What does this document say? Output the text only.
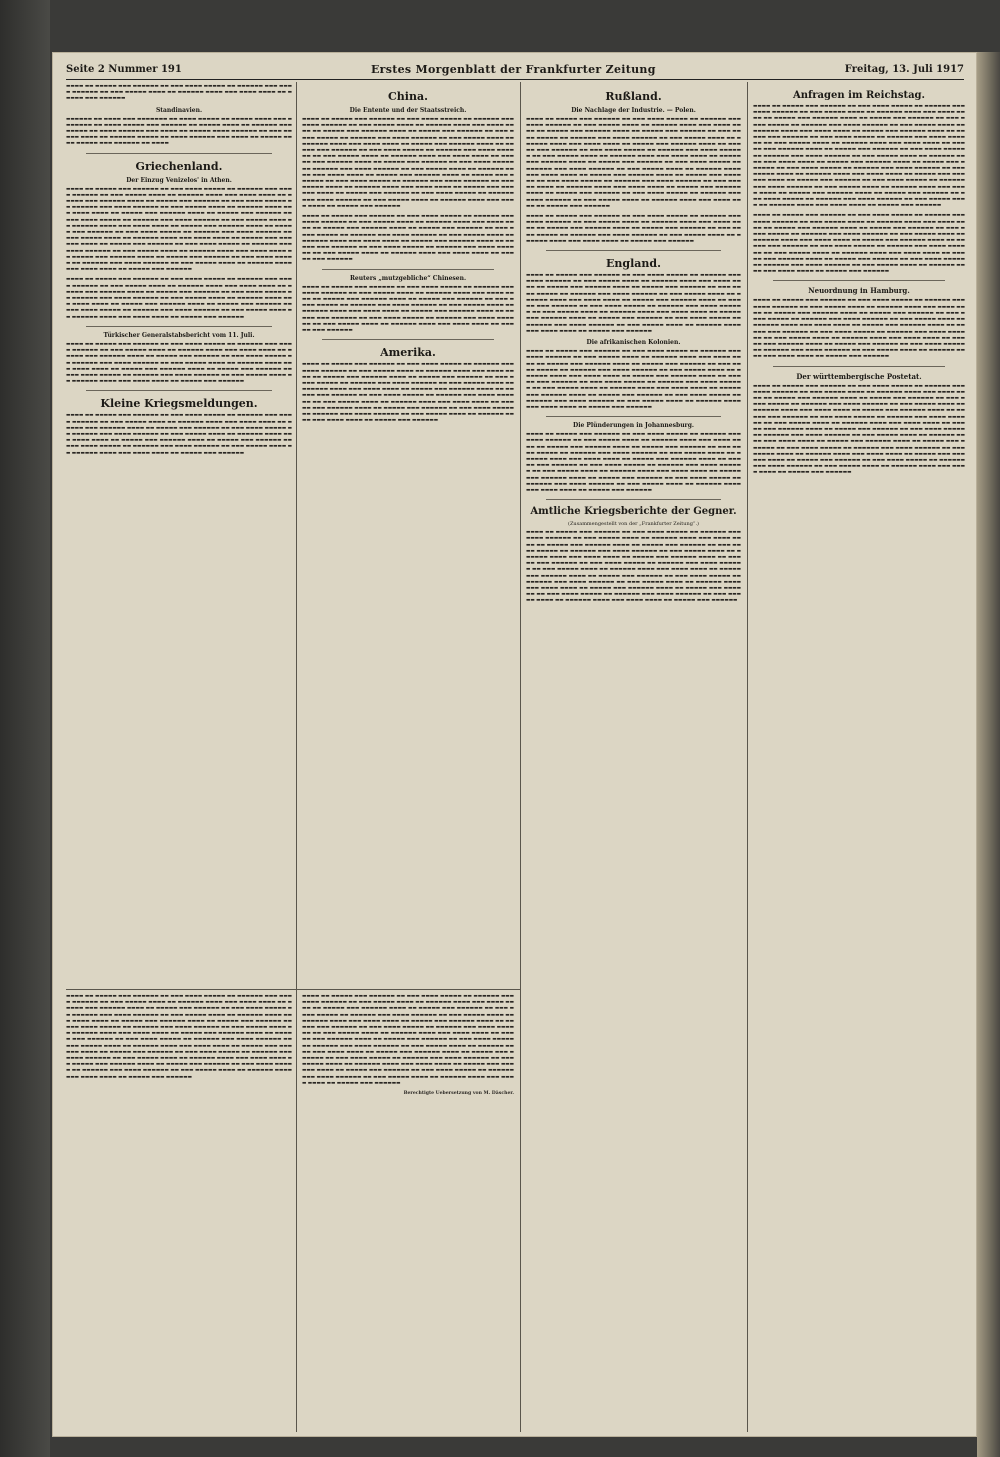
Seite 2 Nummer 191	Erstes Morgenblatt der Frankfurter Zeitung	Freitag, 13. Juli 1917
▬▬▬▬ ▬▬ ▬▬▬▬▬ ▬▬▬ ▬▬▬▬▬▬ ▬▬ ▬▬▬ ▬▬▬▬ ▬▬▬▬▬ ▬▬ ▬▬▬▬▬▬ ▬▬▬ ▬▬▬▬ ▬▬▬▬▬▬ ▬▬ ▬▬▬ ▬▬▬▬▬ ▬▬▬▬ ▬▬ ▬▬▬▬▬▬ ▬▬▬▬ ▬▬▬ ▬▬▬▬ ▬▬▬▬ ▬▬ ▬▬▬▬▬ ▬▬▬ ▬▬▬▬▬▬
Standinavien.
▬▬▬▬▬▬ ▬▬ ▬▬▬▬ ▬▬▬ ▬▬▬▬▬▬▬ ▬▬ ▬▬▬▬ ▬▬▬▬▬ ▬▬ ▬▬▬▬▬ ▬▬▬▬ ▬▬▬ ▬▬▬▬▬▬▬ ▬▬ ▬▬▬▬ ▬▬▬▬▬ ▬▬▬ ▬▬▬▬▬▬ ▬▬ ▬▬▬▬▬ ▬▬▬▬ ▬▬ ▬▬▬▬▬▬ ▬▬▬ ▬▬▬▬▬ ▬▬ ▬▬▬▬ ▬▬▬▬▬▬ ▬▬▬ ▬▬▬▬ ▬▬ ▬▬▬▬▬ ▬▬▬▬ ▬▬▬▬▬▬ ▬▬ ▬▬▬ ▬▬▬▬▬ ▬▬▬▬ ▬▬ ▬▬▬▬▬▬ ▬▬▬▬▬ ▬▬ ▬▬▬▬ ▬▬▬▬▬▬ ▬▬▬ ▬▬▬▬ ▬▬ ▬▬▬▬▬ ▬▬▬▬ ▬▬▬▬▬ ▬▬▬ ▬▬▬▬▬▬ ▬▬ ▬▬▬▬
Griechenland.
Der Einzug Venizelos' in Athen.
▬▬▬▬ ▬▬ ▬▬▬▬▬ ▬▬▬ ▬▬▬▬▬▬ ▬▬ ▬▬▬ ▬▬▬▬ ▬▬▬▬▬ ▬▬ ▬▬▬▬▬▬ ▬▬▬ ▬▬▬▬ ▬▬▬▬▬▬ ▬▬ ▬▬▬ ▬▬▬▬▬ ▬▬▬▬ ▬▬ ▬▬▬▬▬▬ ▬▬▬▬ ▬▬▬ ▬▬▬▬ ▬▬▬▬ ▬▬ ▬▬▬▬▬ ▬▬▬ ▬▬▬▬▬▬ ▬▬▬▬ ▬▬ ▬▬▬▬▬ ▬▬▬ ▬▬▬▬▬▬ ▬▬ ▬▬▬ ▬▬▬▬ ▬▬▬▬▬ ▬▬ ▬▬▬▬▬▬ ▬▬▬ ▬▬▬▬ ▬▬▬▬▬▬ ▬▬ ▬▬▬ ▬▬▬▬▬ ▬▬▬▬ ▬▬ ▬▬▬▬▬▬ ▬▬▬▬ ▬▬▬ ▬▬▬▬ ▬▬▬▬ ▬▬ ▬▬▬▬▬ ▬▬▬ ▬▬▬▬▬▬ ▬▬▬▬ ▬▬ ▬▬▬▬▬ ▬▬▬ ▬▬▬▬▬▬ ▬▬ ▬▬▬ ▬▬▬▬ ▬▬▬▬▬ ▬▬ ▬▬▬▬▬▬ ▬▬▬ ▬▬▬▬ ▬▬▬▬▬▬ ▬▬ ▬▬▬ ▬▬▬▬▬ ▬▬▬▬ ▬▬ ▬▬▬▬▬▬ ▬▬▬▬ ▬▬▬ ▬▬▬▬ ▬▬▬▬ ▬▬ ▬▬▬▬▬ ▬▬▬ ▬▬▬▬▬▬ ▬▬▬▬ ▬▬ ▬▬▬▬▬ ▬▬▬ ▬▬▬▬▬▬ ▬▬ ▬▬▬ ▬▬▬▬ ▬▬▬▬▬ ▬▬ ▬▬▬▬▬▬ ▬▬▬ ▬▬▬▬ ▬▬▬▬▬▬ ▬▬ ▬▬▬ ▬▬▬▬▬ ▬▬▬▬ ▬▬ ▬▬▬▬▬▬ ▬▬▬▬ ▬▬▬ ▬▬▬▬ ▬▬▬▬ ▬▬ ▬▬▬▬▬ ▬▬▬ ▬▬▬▬▬▬ ▬▬▬▬ ▬▬ ▬▬▬▬▬ ▬▬▬ ▬▬▬▬▬▬ ▬▬ ▬▬▬ ▬▬▬▬ ▬▬▬▬▬ ▬▬ ▬▬▬▬▬▬ ▬▬▬ ▬▬▬▬ ▬▬▬▬▬▬ ▬▬ ▬▬▬ ▬▬▬▬▬ ▬▬▬▬ ▬▬ ▬▬▬▬▬▬ ▬▬▬▬ ▬▬▬ ▬▬▬▬ ▬▬▬▬ ▬▬ ▬▬▬▬▬ ▬▬▬ ▬▬▬▬▬▬ ▬▬▬▬ ▬▬ ▬▬▬▬▬ ▬▬▬ ▬▬▬▬▬▬ ▬▬ ▬▬▬ ▬▬▬▬ ▬▬▬▬▬ ▬▬ ▬▬▬▬▬▬ ▬▬▬ ▬▬▬▬ ▬▬▬▬▬▬ ▬▬ ▬▬▬ ▬▬▬▬▬ ▬▬▬▬ ▬▬ ▬▬▬▬▬▬ ▬▬▬▬ ▬▬▬ ▬▬▬▬ ▬▬▬▬ ▬▬ ▬▬▬▬▬ ▬▬▬ ▬▬▬▬▬▬
▬▬▬▬ ▬▬ ▬▬▬▬▬ ▬▬▬ ▬▬▬▬▬▬ ▬▬ ▬▬▬ ▬▬▬▬ ▬▬▬▬▬ ▬▬ ▬▬▬▬▬▬ ▬▬▬ ▬▬▬▬ ▬▬▬▬▬▬ ▬▬ ▬▬▬ ▬▬▬▬▬ ▬▬▬▬ ▬▬ ▬▬▬▬▬▬ ▬▬▬▬ ▬▬▬ ▬▬▬▬ ▬▬▬▬ ▬▬ ▬▬▬▬▬ ▬▬▬ ▬▬▬▬▬▬ ▬▬▬▬ ▬▬ ▬▬▬▬▬ ▬▬▬ ▬▬▬▬▬▬ ▬▬ ▬▬▬ ▬▬▬▬ ▬▬▬▬▬ ▬▬ ▬▬▬▬▬▬ ▬▬▬ ▬▬▬▬ ▬▬▬▬▬▬ ▬▬ ▬▬▬ ▬▬▬▬▬ ▬▬▬▬ ▬▬ ▬▬▬▬▬▬ ▬▬▬▬ ▬▬▬ ▬▬▬▬ ▬▬▬▬ ▬▬ ▬▬▬▬▬ ▬▬▬ ▬▬▬▬▬▬ ▬▬▬▬ ▬▬ ▬▬▬▬▬ ▬▬▬ ▬▬▬▬▬▬ ▬▬ ▬▬▬ ▬▬▬▬ ▬▬▬▬▬ ▬▬ ▬▬▬▬▬▬ ▬▬▬ ▬▬▬▬ ▬▬▬▬▬▬ ▬▬ ▬▬▬ ▬▬▬▬▬ ▬▬▬▬ ▬▬ ▬▬▬▬▬▬ ▬▬▬▬ ▬▬▬ ▬▬▬▬ ▬▬▬▬ ▬▬ ▬▬▬▬▬ ▬▬▬ ▬▬▬▬▬▬
Türkischer Generalstabsbericht vom 11. Juli.
▬▬▬▬ ▬▬ ▬▬▬▬▬ ▬▬▬ ▬▬▬▬▬▬ ▬▬ ▬▬▬ ▬▬▬▬ ▬▬▬▬▬ ▬▬ ▬▬▬▬▬▬ ▬▬▬ ▬▬▬▬ ▬▬▬▬▬▬ ▬▬ ▬▬▬ ▬▬▬▬▬ ▬▬▬▬ ▬▬ ▬▬▬▬▬▬ ▬▬▬▬ ▬▬▬ ▬▬▬▬ ▬▬▬▬ ▬▬ ▬▬▬▬▬ ▬▬▬ ▬▬▬▬▬▬ ▬▬▬▬ ▬▬ ▬▬▬▬▬ ▬▬▬ ▬▬▬▬▬▬ ▬▬ ▬▬▬ ▬▬▬▬ ▬▬▬▬▬ ▬▬ ▬▬▬▬▬▬ ▬▬▬ ▬▬▬▬ ▬▬▬▬▬▬ ▬▬ ▬▬▬ ▬▬▬▬▬ ▬▬▬▬ ▬▬ ▬▬▬▬▬▬ ▬▬▬▬ ▬▬▬ ▬▬▬▬ ▬▬▬▬ ▬▬ ▬▬▬▬▬ ▬▬▬ ▬▬▬▬▬▬ ▬▬▬▬ ▬▬ ▬▬▬▬▬ ▬▬▬ ▬▬▬▬▬▬ ▬▬ ▬▬▬ ▬▬▬▬ ▬▬▬▬▬ ▬▬ ▬▬▬▬▬▬ ▬▬▬ ▬▬▬▬ ▬▬▬▬▬▬ ▬▬ ▬▬▬ ▬▬▬▬▬ ▬▬▬▬ ▬▬ ▬▬▬▬▬▬ ▬▬▬▬ ▬▬▬ ▬▬▬▬ ▬▬▬▬ ▬▬ ▬▬▬▬▬ ▬▬▬ ▬▬▬▬▬▬
Kleine Kriegsmeldungen.
▬▬▬▬ ▬▬ ▬▬▬▬▬ ▬▬▬ ▬▬▬▬▬▬ ▬▬ ▬▬▬ ▬▬▬▬ ▬▬▬▬▬ ▬▬ ▬▬▬▬▬▬ ▬▬▬ ▬▬▬▬ ▬▬▬▬▬▬ ▬▬ ▬▬▬ ▬▬▬▬▬ ▬▬▬▬ ▬▬ ▬▬▬▬▬▬ ▬▬▬▬ ▬▬▬ ▬▬▬▬ ▬▬▬▬ ▬▬ ▬▬▬▬▬ ▬▬▬ ▬▬▬▬▬▬ ▬▬▬▬ ▬▬ ▬▬▬▬▬ ▬▬▬ ▬▬▬▬▬▬ ▬▬ ▬▬▬ ▬▬▬▬ ▬▬▬▬▬ ▬▬ ▬▬▬▬▬▬ ▬▬▬ ▬▬▬▬ ▬▬▬▬▬▬ ▬▬ ▬▬▬ ▬▬▬▬▬ ▬▬▬▬ ▬▬ ▬▬▬▬▬▬ ▬▬▬▬ ▬▬▬ ▬▬▬▬ ▬▬▬▬ ▬▬ ▬▬▬▬▬ ▬▬▬ ▬▬▬▬▬▬ ▬▬▬▬ ▬▬ ▬▬▬▬▬ ▬▬▬ ▬▬▬▬▬▬ ▬▬ ▬▬▬ ▬▬▬▬ ▬▬▬▬▬ ▬▬ ▬▬▬▬▬▬ ▬▬▬ ▬▬▬▬ ▬▬▬▬▬▬ ▬▬ ▬▬▬ ▬▬▬▬▬ ▬▬▬▬ ▬▬ ▬▬▬▬▬▬ ▬▬▬▬ ▬▬▬ ▬▬▬▬ ▬▬▬▬ ▬▬ ▬▬▬▬▬ ▬▬▬ ▬▬▬▬▬▬
China.
Die Entente und der Staatsstreich.
▬▬▬▬ ▬▬ ▬▬▬▬▬ ▬▬▬ ▬▬▬▬▬▬ ▬▬ ▬▬▬ ▬▬▬▬ ▬▬▬▬▬ ▬▬ ▬▬▬▬▬▬ ▬▬▬ ▬▬▬▬ ▬▬▬▬▬▬ ▬▬ ▬▬▬ ▬▬▬▬▬ ▬▬▬▬ ▬▬ ▬▬▬▬▬▬ ▬▬▬▬ ▬▬▬ ▬▬▬▬ ▬▬▬▬ ▬▬ ▬▬▬▬▬ ▬▬▬ ▬▬▬▬▬▬ ▬▬▬▬ ▬▬ ▬▬▬▬▬ ▬▬▬ ▬▬▬▬▬▬ ▬▬ ▬▬▬ ▬▬▬▬ ▬▬▬▬▬ ▬▬ ▬▬▬▬▬▬ ▬▬▬ ▬▬▬▬ ▬▬▬▬▬▬ ▬▬ ▬▬▬ ▬▬▬▬▬ ▬▬▬▬ ▬▬ ▬▬▬▬▬▬ ▬▬▬▬ ▬▬▬ ▬▬▬▬ ▬▬▬▬ ▬▬ ▬▬▬▬▬ ▬▬▬ ▬▬▬▬▬▬ ▬▬▬▬ ▬▬ ▬▬▬▬▬ ▬▬▬ ▬▬▬▬▬▬ ▬▬ ▬▬▬ ▬▬▬▬ ▬▬▬▬▬ ▬▬ ▬▬▬▬▬▬ ▬▬▬ ▬▬▬▬ ▬▬▬▬▬▬ ▬▬ ▬▬▬ ▬▬▬▬▬ ▬▬▬▬ ▬▬ ▬▬▬▬▬▬ ▬▬▬▬ ▬▬▬ ▬▬▬▬ ▬▬▬▬ ▬▬ ▬▬▬▬▬ ▬▬▬ ▬▬▬▬▬▬ ▬▬▬▬ ▬▬ ▬▬▬▬▬ ▬▬▬ ▬▬▬▬▬▬ ▬▬ ▬▬▬ ▬▬▬▬ ▬▬▬▬▬ ▬▬ ▬▬▬▬▬▬ ▬▬▬ ▬▬▬▬ ▬▬▬▬▬▬ ▬▬ ▬▬▬ ▬▬▬▬▬ ▬▬▬▬ ▬▬ ▬▬▬▬▬▬ ▬▬▬▬ ▬▬▬ ▬▬▬▬ ▬▬▬▬ ▬▬ ▬▬▬▬▬ ▬▬▬ ▬▬▬▬▬▬ ▬▬▬▬ ▬▬ ▬▬▬▬▬ ▬▬▬ ▬▬▬▬▬▬ ▬▬ ▬▬▬ ▬▬▬▬ ▬▬▬▬▬ ▬▬ ▬▬▬▬▬▬ ▬▬▬ ▬▬▬▬ ▬▬▬▬▬▬ ▬▬ ▬▬▬ ▬▬▬▬▬ ▬▬▬▬ ▬▬ ▬▬▬▬▬▬ ▬▬▬▬ ▬▬▬ ▬▬▬▬ ▬▬▬▬ ▬▬ ▬▬▬▬▬ ▬▬▬ ▬▬▬▬▬▬ ▬▬▬▬ ▬▬ ▬▬▬▬▬ ▬▬▬ ▬▬▬▬▬▬ ▬▬ ▬▬▬ ▬▬▬▬ ▬▬▬▬▬ ▬▬ ▬▬▬▬▬▬ ▬▬▬ ▬▬▬▬ ▬▬▬▬▬▬ ▬▬ ▬▬▬ ▬▬▬▬▬ ▬▬▬▬ ▬▬ ▬▬▬▬▬▬ ▬▬▬▬ ▬▬▬ ▬▬▬▬ ▬▬▬▬ ▬▬ ▬▬▬▬▬ ▬▬▬ ▬▬▬▬▬▬
▬▬▬▬ ▬▬ ▬▬▬▬▬ ▬▬▬ ▬▬▬▬▬▬ ▬▬ ▬▬▬ ▬▬▬▬ ▬▬▬▬▬ ▬▬ ▬▬▬▬▬▬ ▬▬▬ ▬▬▬▬ ▬▬▬▬▬▬ ▬▬ ▬▬▬ ▬▬▬▬▬ ▬▬▬▬ ▬▬ ▬▬▬▬▬▬ ▬▬▬▬ ▬▬▬ ▬▬▬▬ ▬▬▬▬ ▬▬ ▬▬▬▬▬ ▬▬▬ ▬▬▬▬▬▬ ▬▬▬▬ ▬▬ ▬▬▬▬▬ ▬▬▬ ▬▬▬▬▬▬ ▬▬ ▬▬▬ ▬▬▬▬ ▬▬▬▬▬ ▬▬ ▬▬▬▬▬▬ ▬▬▬ ▬▬▬▬ ▬▬▬▬▬▬ ▬▬ ▬▬▬ ▬▬▬▬▬ ▬▬▬▬ ▬▬ ▬▬▬▬▬▬ ▬▬▬▬ ▬▬▬ ▬▬▬▬ ▬▬▬▬ ▬▬ ▬▬▬▬▬ ▬▬▬ ▬▬▬▬▬▬ ▬▬▬▬ ▬▬ ▬▬▬▬▬ ▬▬▬ ▬▬▬▬▬▬ ▬▬ ▬▬▬ ▬▬▬▬ ▬▬▬▬▬ ▬▬ ▬▬▬▬▬▬ ▬▬▬ ▬▬▬▬ ▬▬▬▬▬▬ ▬▬ ▬▬▬ ▬▬▬▬▬ ▬▬▬▬ ▬▬ ▬▬▬▬▬▬ ▬▬▬▬ ▬▬▬ ▬▬▬▬ ▬▬▬▬ ▬▬ ▬▬▬▬▬ ▬▬▬ ▬▬▬▬▬▬
Reuters „mutzgebliche“ Chinesen.
▬▬▬▬ ▬▬ ▬▬▬▬▬ ▬▬▬ ▬▬▬▬▬▬ ▬▬ ▬▬▬ ▬▬▬▬ ▬▬▬▬▬ ▬▬ ▬▬▬▬▬▬ ▬▬▬ ▬▬▬▬ ▬▬▬▬▬▬ ▬▬ ▬▬▬ ▬▬▬▬▬ ▬▬▬▬ ▬▬ ▬▬▬▬▬▬ ▬▬▬▬ ▬▬▬ ▬▬▬▬ ▬▬▬▬ ▬▬ ▬▬▬▬▬ ▬▬▬ ▬▬▬▬▬▬ ▬▬▬▬ ▬▬ ▬▬▬▬▬ ▬▬▬ ▬▬▬▬▬▬ ▬▬ ▬▬▬ ▬▬▬▬ ▬▬▬▬▬ ▬▬ ▬▬▬▬▬▬ ▬▬▬ ▬▬▬▬ ▬▬▬▬▬▬ ▬▬ ▬▬▬ ▬▬▬▬▬ ▬▬▬▬ ▬▬ ▬▬▬▬▬▬ ▬▬▬▬ ▬▬▬ ▬▬▬▬ ▬▬▬▬ ▬▬ ▬▬▬▬▬ ▬▬▬ ▬▬▬▬▬▬ ▬▬▬▬ ▬▬ ▬▬▬▬▬ ▬▬▬ ▬▬▬▬▬▬ ▬▬ ▬▬▬ ▬▬▬▬ ▬▬▬▬▬ ▬▬ ▬▬▬▬▬▬ ▬▬▬ ▬▬▬▬ ▬▬▬▬▬▬ ▬▬ ▬▬▬ ▬▬▬▬▬ ▬▬▬▬ ▬▬ ▬▬▬▬▬▬ ▬▬▬▬ ▬▬▬ ▬▬▬▬ ▬▬▬▬ ▬▬ ▬▬▬▬▬ ▬▬▬ ▬▬▬▬▬▬
Amerika.
▬▬▬▬ ▬▬ ▬▬▬▬▬ ▬▬▬ ▬▬▬▬▬▬ ▬▬ ▬▬▬ ▬▬▬▬ ▬▬▬▬▬ ▬▬ ▬▬▬▬▬▬ ▬▬▬ ▬▬▬▬ ▬▬▬▬▬▬ ▬▬ ▬▬▬ ▬▬▬▬▬ ▬▬▬▬ ▬▬ ▬▬▬▬▬▬ ▬▬▬▬ ▬▬▬ ▬▬▬▬ ▬▬▬▬ ▬▬ ▬▬▬▬▬ ▬▬▬ ▬▬▬▬▬▬ ▬▬▬▬ ▬▬ ▬▬▬▬▬ ▬▬▬ ▬▬▬▬▬▬ ▬▬ ▬▬▬ ▬▬▬▬ ▬▬▬▬▬ ▬▬ ▬▬▬▬▬▬ ▬▬▬ ▬▬▬▬ ▬▬▬▬▬▬ ▬▬ ▬▬▬ ▬▬▬▬▬ ▬▬▬▬ ▬▬ ▬▬▬▬▬▬ ▬▬▬▬ ▬▬▬ ▬▬▬▬ ▬▬▬▬ ▬▬ ▬▬▬▬▬ ▬▬▬ ▬▬▬▬▬▬ ▬▬▬▬ ▬▬ ▬▬▬▬▬ ▬▬▬ ▬▬▬▬▬▬ ▬▬ ▬▬▬ ▬▬▬▬ ▬▬▬▬▬ ▬▬ ▬▬▬▬▬▬ ▬▬▬ ▬▬▬▬ ▬▬▬▬▬▬ ▬▬ ▬▬▬ ▬▬▬▬▬ ▬▬▬▬ ▬▬ ▬▬▬▬▬▬ ▬▬▬▬ ▬▬▬ ▬▬▬▬ ▬▬▬▬ ▬▬ ▬▬▬▬▬ ▬▬▬ ▬▬▬▬▬▬ ▬▬▬▬ ▬▬ ▬▬▬▬▬ ▬▬▬ ▬▬▬▬▬▬ ▬▬ ▬▬▬ ▬▬▬▬ ▬▬▬▬▬ ▬▬ ▬▬▬▬▬▬ ▬▬▬ ▬▬▬▬ ▬▬▬▬▬▬ ▬▬ ▬▬▬ ▬▬▬▬▬ ▬▬▬▬ ▬▬ ▬▬▬▬▬▬ ▬▬▬▬ ▬▬▬ ▬▬▬▬ ▬▬▬▬ ▬▬ ▬▬▬▬▬ ▬▬▬ ▬▬▬▬▬▬
▬▬▬▬ ▬▬ ▬▬▬▬▬ ▬▬▬ ▬▬▬▬▬▬ ▬▬ ▬▬▬ ▬▬▬▬ ▬▬▬▬▬ ▬▬ ▬▬▬▬▬▬ ▬▬▬ ▬▬▬▬ ▬▬▬▬▬▬ ▬▬ ▬▬▬ ▬▬▬▬▬ ▬▬▬▬ ▬▬ ▬▬▬▬▬▬ ▬▬▬▬ ▬▬▬ ▬▬▬▬ ▬▬▬▬ ▬▬ ▬▬▬▬▬ ▬▬▬ ▬▬▬▬▬▬ ▬▬▬▬ ▬▬ ▬▬▬▬▬ ▬▬▬ ▬▬▬▬▬▬ ▬▬ ▬▬▬ ▬▬▬▬ ▬▬▬▬▬ ▬▬ ▬▬▬▬▬▬ ▬▬▬ ▬▬▬▬ ▬▬▬▬▬▬ ▬▬ ▬▬▬ ▬▬▬▬▬ ▬▬▬▬ ▬▬ ▬▬▬▬▬▬ ▬▬▬▬ ▬▬▬ ▬▬▬▬ ▬▬▬▬ ▬▬ ▬▬▬▬▬ ▬▬▬ ▬▬▬▬▬▬ ▬▬▬▬ ▬▬ ▬▬▬▬▬ ▬▬▬ ▬▬▬▬▬▬ ▬▬ ▬▬▬ ▬▬▬▬ ▬▬▬▬▬ ▬▬ ▬▬▬▬▬▬ ▬▬▬ ▬▬▬▬ ▬▬▬▬▬▬ ▬▬ ▬▬▬ ▬▬▬▬▬ ▬▬▬▬ ▬▬ ▬▬▬▬▬▬ ▬▬▬▬ ▬▬▬ ▬▬▬▬ ▬▬▬▬ ▬▬ ▬▬▬▬▬ ▬▬▬ ▬▬▬▬▬▬ ▬▬▬▬ ▬▬ ▬▬▬▬▬ ▬▬▬ ▬▬▬▬▬▬ ▬▬ ▬▬▬ ▬▬▬▬ ▬▬▬▬▬ ▬▬ ▬▬▬▬▬▬ ▬▬▬ ▬▬▬▬ ▬▬▬▬▬▬ ▬▬ ▬▬▬ ▬▬▬▬▬ ▬▬▬▬ ▬▬ ▬▬▬▬▬▬ ▬▬▬▬ ▬▬▬ ▬▬▬▬ ▬▬▬▬ ▬▬ ▬▬▬▬▬ ▬▬▬ ▬▬▬▬▬▬ ▬▬▬▬ ▬▬ ▬▬▬▬▬ ▬▬▬ ▬▬▬▬▬▬ ▬▬ ▬▬▬ ▬▬▬▬ ▬▬▬▬▬ ▬▬ ▬▬▬▬▬▬ ▬▬▬ ▬▬▬▬ ▬▬▬▬▬▬ ▬▬ ▬▬▬ ▬▬▬▬▬ ▬▬▬▬ ▬▬ ▬▬▬▬▬▬ ▬▬▬▬ ▬▬▬ ▬▬▬▬ ▬▬▬▬ ▬▬ ▬▬▬▬▬ ▬▬▬ ▬▬▬▬▬▬ ▬▬▬▬ ▬▬ ▬▬▬▬▬ ▬▬▬ ▬▬▬▬▬▬ ▬▬ ▬▬▬ ▬▬▬▬ ▬▬▬▬▬ ▬▬ ▬▬▬▬▬▬ ▬▬▬ ▬▬▬▬ ▬▬▬▬▬▬ ▬▬ ▬▬▬ ▬▬▬▬▬ ▬▬▬▬ ▬▬ ▬▬▬▬▬▬ ▬▬▬▬ ▬▬▬ ▬▬▬▬ ▬▬▬▬ ▬▬ ▬▬▬▬▬ ▬▬▬ ▬▬▬▬▬▬
▬▬▬▬ ▬▬ ▬▬▬▬▬ ▬▬▬ ▬▬▬▬▬▬ ▬▬ ▬▬▬ ▬▬▬▬ ▬▬▬▬▬ ▬▬ ▬▬▬▬▬▬ ▬▬▬ ▬▬▬▬ ▬▬▬▬▬▬ ▬▬ ▬▬▬ ▬▬▬▬▬ ▬▬▬▬ ▬▬ ▬▬▬▬▬▬ ▬▬▬▬ ▬▬▬ ▬▬▬▬ ▬▬▬▬ ▬▬ ▬▬▬▬▬ ▬▬▬ ▬▬▬▬▬▬ ▬▬▬▬ ▬▬ ▬▬▬▬▬ ▬▬▬ ▬▬▬▬▬▬ ▬▬ ▬▬▬ ▬▬▬▬ ▬▬▬▬▬ ▬▬ ▬▬▬▬▬▬ ▬▬▬ ▬▬▬▬ ▬▬▬▬▬▬ ▬▬ ▬▬▬ ▬▬▬▬▬ ▬▬▬▬ ▬▬ ▬▬▬▬▬▬ ▬▬▬▬ ▬▬▬ ▬▬▬▬ ▬▬▬▬ ▬▬ ▬▬▬▬▬ ▬▬▬ ▬▬▬▬▬▬ ▬▬▬▬ ▬▬ ▬▬▬▬▬ ▬▬▬ ▬▬▬▬▬▬ ▬▬ ▬▬▬ ▬▬▬▬ ▬▬▬▬▬ ▬▬ ▬▬▬▬▬▬ ▬▬▬ ▬▬▬▬ ▬▬▬▬▬▬ ▬▬ ▬▬▬ ▬▬▬▬▬ ▬▬▬▬ ▬▬ ▬▬▬▬▬▬ ▬▬▬▬ ▬▬▬ ▬▬▬▬ ▬▬▬▬ ▬▬ ▬▬▬▬▬ ▬▬▬ ▬▬▬▬▬▬ ▬▬▬▬ ▬▬ ▬▬▬▬▬ ▬▬▬ ▬▬▬▬▬▬ ▬▬ ▬▬▬ ▬▬▬▬ ▬▬▬▬▬ ▬▬ ▬▬▬▬▬▬ ▬▬▬ ▬▬▬▬ ▬▬▬▬▬▬ ▬▬ ▬▬▬ ▬▬▬▬▬ ▬▬▬▬ ▬▬ ▬▬▬▬▬▬ ▬▬▬▬ ▬▬▬ ▬▬▬▬ ▬▬▬▬ ▬▬ ▬▬▬▬▬ ▬▬▬ ▬▬▬▬▬▬ ▬▬▬▬ ▬▬ ▬▬▬▬▬ ▬▬▬ ▬▬▬▬▬▬ ▬▬ ▬▬▬ ▬▬▬▬ ▬▬▬▬▬ ▬▬ ▬▬▬▬▬▬ ▬▬▬ ▬▬▬▬ ▬▬▬▬▬▬ ▬▬ ▬▬▬ ▬▬▬▬▬ ▬▬▬▬ ▬▬ ▬▬▬▬▬▬ ▬▬▬▬ ▬▬▬ ▬▬▬▬ ▬▬▬▬ ▬▬ ▬▬▬▬▬ ▬▬▬ ▬▬▬▬▬▬ ▬▬▬▬ ▬▬ ▬▬▬▬▬ ▬▬▬ ▬▬▬▬▬▬ ▬▬ ▬▬▬ ▬▬▬▬ ▬▬▬▬▬ ▬▬ ▬▬▬▬▬▬ ▬▬▬ ▬▬▬▬ ▬▬▬▬▬▬ ▬▬ ▬▬▬ ▬▬▬▬▬ ▬▬▬▬ ▬▬ ▬▬▬▬▬▬ ▬▬▬▬ ▬▬▬ ▬▬▬▬ ▬▬▬▬ ▬▬ ▬▬▬▬▬ ▬▬▬ ▬▬▬▬▬▬
Berechtigte Uebersetzung von M. Däscher.
Rußland.
Die Nachlage der Industrie. — Polen.
▬▬▬▬ ▬▬ ▬▬▬▬▬ ▬▬▬ ▬▬▬▬▬▬ ▬▬ ▬▬▬ ▬▬▬▬ ▬▬▬▬▬ ▬▬ ▬▬▬▬▬▬ ▬▬▬ ▬▬▬▬ ▬▬▬▬▬▬ ▬▬ ▬▬▬ ▬▬▬▬▬ ▬▬▬▬ ▬▬ ▬▬▬▬▬▬ ▬▬▬▬ ▬▬▬ ▬▬▬▬ ▬▬▬▬ ▬▬ ▬▬▬▬▬ ▬▬▬ ▬▬▬▬▬▬ ▬▬▬▬ ▬▬ ▬▬▬▬▬ ▬▬▬ ▬▬▬▬▬▬ ▬▬ ▬▬▬ ▬▬▬▬ ▬▬▬▬▬ ▬▬ ▬▬▬▬▬▬ ▬▬▬ ▬▬▬▬ ▬▬▬▬▬▬ ▬▬ ▬▬▬ ▬▬▬▬▬ ▬▬▬▬ ▬▬ ▬▬▬▬▬▬ ▬▬▬▬ ▬▬▬ ▬▬▬▬ ▬▬▬▬ ▬▬ ▬▬▬▬▬ ▬▬▬ ▬▬▬▬▬▬ ▬▬▬▬ ▬▬ ▬▬▬▬▬ ▬▬▬ ▬▬▬▬▬▬ ▬▬ ▬▬▬ ▬▬▬▬ ▬▬▬▬▬ ▬▬ ▬▬▬▬▬▬ ▬▬▬ ▬▬▬▬ ▬▬▬▬▬▬ ▬▬ ▬▬▬ ▬▬▬▬▬ ▬▬▬▬ ▬▬ ▬▬▬▬▬▬ ▬▬▬▬ ▬▬▬ ▬▬▬▬ ▬▬▬▬ ▬▬ ▬▬▬▬▬ ▬▬▬ ▬▬▬▬▬▬ ▬▬▬▬ ▬▬ ▬▬▬▬▬ ▬▬▬ ▬▬▬▬▬▬ ▬▬ ▬▬▬ ▬▬▬▬ ▬▬▬▬▬ ▬▬ ▬▬▬▬▬▬ ▬▬▬ ▬▬▬▬ ▬▬▬▬▬▬ ▬▬ ▬▬▬ ▬▬▬▬▬ ▬▬▬▬ ▬▬ ▬▬▬▬▬▬ ▬▬▬▬ ▬▬▬ ▬▬▬▬ ▬▬▬▬ ▬▬ ▬▬▬▬▬ ▬▬▬ ▬▬▬▬▬▬ ▬▬▬▬ ▬▬ ▬▬▬▬▬ ▬▬▬ ▬▬▬▬▬▬ ▬▬ ▬▬▬ ▬▬▬▬ ▬▬▬▬▬ ▬▬ ▬▬▬▬▬▬ ▬▬▬ ▬▬▬▬ ▬▬▬▬▬▬ ▬▬ ▬▬▬ ▬▬▬▬▬ ▬▬▬▬ ▬▬ ▬▬▬▬▬▬ ▬▬▬▬ ▬▬▬ ▬▬▬▬ ▬▬▬▬ ▬▬ ▬▬▬▬▬ ▬▬▬ ▬▬▬▬▬▬ ▬▬▬▬ ▬▬ ▬▬▬▬▬ ▬▬▬ ▬▬▬▬▬▬ ▬▬ ▬▬▬ ▬▬▬▬ ▬▬▬▬▬ ▬▬ ▬▬▬▬▬▬ ▬▬▬ ▬▬▬▬ ▬▬▬▬▬▬ ▬▬ ▬▬▬ ▬▬▬▬▬ ▬▬▬▬ ▬▬ ▬▬▬▬▬▬ ▬▬▬▬ ▬▬▬ ▬▬▬▬ ▬▬▬▬ ▬▬ ▬▬▬▬▬ ▬▬▬ ▬▬▬▬▬▬
▬▬▬▬ ▬▬ ▬▬▬▬▬ ▬▬▬ ▬▬▬▬▬▬ ▬▬ ▬▬▬ ▬▬▬▬ ▬▬▬▬▬ ▬▬ ▬▬▬▬▬▬ ▬▬▬ ▬▬▬▬ ▬▬▬▬▬▬ ▬▬ ▬▬▬ ▬▬▬▬▬ ▬▬▬▬ ▬▬ ▬▬▬▬▬▬ ▬▬▬▬ ▬▬▬ ▬▬▬▬ ▬▬▬▬ ▬▬ ▬▬▬▬▬ ▬▬▬ ▬▬▬▬▬▬ ▬▬▬▬ ▬▬ ▬▬▬▬▬ ▬▬▬ ▬▬▬▬▬▬ ▬▬ ▬▬▬ ▬▬▬▬ ▬▬▬▬▬ ▬▬ ▬▬▬▬▬▬ ▬▬▬ ▬▬▬▬ ▬▬▬▬▬▬ ▬▬ ▬▬▬ ▬▬▬▬▬ ▬▬▬▬ ▬▬ ▬▬▬▬▬▬ ▬▬▬▬ ▬▬▬ ▬▬▬▬ ▬▬▬▬ ▬▬ ▬▬▬▬▬ ▬▬▬ ▬▬▬▬▬▬
England.
▬▬▬▬ ▬▬ ▬▬▬▬▬ ▬▬▬ ▬▬▬▬▬▬ ▬▬ ▬▬▬ ▬▬▬▬ ▬▬▬▬▬ ▬▬ ▬▬▬▬▬▬ ▬▬▬ ▬▬▬▬ ▬▬▬▬▬▬ ▬▬ ▬▬▬ ▬▬▬▬▬ ▬▬▬▬ ▬▬ ▬▬▬▬▬▬ ▬▬▬▬ ▬▬▬ ▬▬▬▬ ▬▬▬▬ ▬▬ ▬▬▬▬▬ ▬▬▬ ▬▬▬▬▬▬ ▬▬▬▬ ▬▬ ▬▬▬▬▬ ▬▬▬ ▬▬▬▬▬▬ ▬▬ ▬▬▬ ▬▬▬▬ ▬▬▬▬▬ ▬▬ ▬▬▬▬▬▬ ▬▬▬ ▬▬▬▬ ▬▬▬▬▬▬ ▬▬ ▬▬▬ ▬▬▬▬▬ ▬▬▬▬ ▬▬ ▬▬▬▬▬▬ ▬▬▬▬ ▬▬▬ ▬▬▬▬ ▬▬▬▬ ▬▬ ▬▬▬▬▬ ▬▬▬ ▬▬▬▬▬▬ ▬▬▬▬ ▬▬ ▬▬▬▬▬ ▬▬▬ ▬▬▬▬▬▬ ▬▬ ▬▬▬ ▬▬▬▬ ▬▬▬▬▬ ▬▬ ▬▬▬▬▬▬ ▬▬▬ ▬▬▬▬ ▬▬▬▬▬▬ ▬▬ ▬▬▬ ▬▬▬▬▬ ▬▬▬▬ ▬▬ ▬▬▬▬▬▬ ▬▬▬▬ ▬▬▬ ▬▬▬▬ ▬▬▬▬ ▬▬ ▬▬▬▬▬ ▬▬▬ ▬▬▬▬▬▬ ▬▬▬▬ ▬▬ ▬▬▬▬▬ ▬▬▬ ▬▬▬▬▬▬ ▬▬ ▬▬▬ ▬▬▬▬ ▬▬▬▬▬ ▬▬ ▬▬▬▬▬▬ ▬▬▬ ▬▬▬▬ ▬▬▬▬▬▬ ▬▬ ▬▬▬ ▬▬▬▬▬ ▬▬▬▬ ▬▬ ▬▬▬▬▬▬ ▬▬▬▬ ▬▬▬ ▬▬▬▬ ▬▬▬▬ ▬▬ ▬▬▬▬▬ ▬▬▬ ▬▬▬▬▬▬
Die afrikanischen Kolonien.
▬▬▬▬ ▬▬ ▬▬▬▬▬ ▬▬▬ ▬▬▬▬▬▬ ▬▬ ▬▬▬ ▬▬▬▬ ▬▬▬▬▬ ▬▬ ▬▬▬▬▬▬ ▬▬▬ ▬▬▬▬ ▬▬▬▬▬▬ ▬▬ ▬▬▬ ▬▬▬▬▬ ▬▬▬▬ ▬▬ ▬▬▬▬▬▬ ▬▬▬▬ ▬▬▬ ▬▬▬▬ ▬▬▬▬ ▬▬ ▬▬▬▬▬ ▬▬▬ ▬▬▬▬▬▬ ▬▬▬▬ ▬▬ ▬▬▬▬▬ ▬▬▬ ▬▬▬▬▬▬ ▬▬ ▬▬▬ ▬▬▬▬ ▬▬▬▬▬ ▬▬ ▬▬▬▬▬▬ ▬▬▬ ▬▬▬▬ ▬▬▬▬▬▬ ▬▬ ▬▬▬ ▬▬▬▬▬ ▬▬▬▬ ▬▬ ▬▬▬▬▬▬ ▬▬▬▬ ▬▬▬ ▬▬▬▬ ▬▬▬▬ ▬▬ ▬▬▬▬▬ ▬▬▬ ▬▬▬▬▬▬ ▬▬▬▬ ▬▬ ▬▬▬▬▬ ▬▬▬ ▬▬▬▬▬▬ ▬▬ ▬▬▬ ▬▬▬▬ ▬▬▬▬▬ ▬▬ ▬▬▬▬▬▬ ▬▬▬ ▬▬▬▬ ▬▬▬▬▬▬ ▬▬ ▬▬▬ ▬▬▬▬▬ ▬▬▬▬ ▬▬ ▬▬▬▬▬▬ ▬▬▬▬ ▬▬▬ ▬▬▬▬ ▬▬▬▬ ▬▬ ▬▬▬▬▬ ▬▬▬ ▬▬▬▬▬▬ ▬▬▬▬ ▬▬ ▬▬▬▬▬ ▬▬▬ ▬▬▬▬▬▬ ▬▬ ▬▬▬ ▬▬▬▬ ▬▬▬▬▬ ▬▬ ▬▬▬▬▬▬ ▬▬▬ ▬▬▬▬ ▬▬▬▬▬▬ ▬▬ ▬▬▬ ▬▬▬▬▬ ▬▬▬▬ ▬▬ ▬▬▬▬▬▬ ▬▬▬▬ ▬▬▬ ▬▬▬▬ ▬▬▬▬ ▬▬ ▬▬▬▬▬ ▬▬▬ ▬▬▬▬▬▬
Die Plünderungen in Johannesburg.
▬▬▬▬ ▬▬ ▬▬▬▬▬ ▬▬▬ ▬▬▬▬▬▬ ▬▬ ▬▬▬ ▬▬▬▬ ▬▬▬▬▬ ▬▬ ▬▬▬▬▬▬ ▬▬▬ ▬▬▬▬ ▬▬▬▬▬▬ ▬▬ ▬▬▬ ▬▬▬▬▬ ▬▬▬▬ ▬▬ ▬▬▬▬▬▬ ▬▬▬▬ ▬▬▬ ▬▬▬▬ ▬▬▬▬ ▬▬ ▬▬▬▬▬ ▬▬▬ ▬▬▬▬▬▬ ▬▬▬▬ ▬▬ ▬▬▬▬▬ ▬▬▬ ▬▬▬▬▬▬ ▬▬ ▬▬▬ ▬▬▬▬ ▬▬▬▬▬ ▬▬ ▬▬▬▬▬▬ ▬▬▬ ▬▬▬▬ ▬▬▬▬▬▬ ▬▬ ▬▬▬ ▬▬▬▬▬ ▬▬▬▬ ▬▬ ▬▬▬▬▬▬ ▬▬▬▬ ▬▬▬ ▬▬▬▬ ▬▬▬▬ ▬▬ ▬▬▬▬▬ ▬▬▬ ▬▬▬▬▬▬ ▬▬▬▬ ▬▬ ▬▬▬▬▬ ▬▬▬ ▬▬▬▬▬▬ ▬▬ ▬▬▬ ▬▬▬▬ ▬▬▬▬▬ ▬▬ ▬▬▬▬▬▬ ▬▬▬ ▬▬▬▬ ▬▬▬▬▬▬ ▬▬ ▬▬▬ ▬▬▬▬▬ ▬▬▬▬ ▬▬ ▬▬▬▬▬▬ ▬▬▬▬ ▬▬▬ ▬▬▬▬ ▬▬▬▬ ▬▬ ▬▬▬▬▬ ▬▬▬ ▬▬▬▬▬▬ ▬▬▬▬ ▬▬ ▬▬▬▬▬ ▬▬▬ ▬▬▬▬▬▬ ▬▬ ▬▬▬ ▬▬▬▬ ▬▬▬▬▬ ▬▬ ▬▬▬▬▬▬ ▬▬▬ ▬▬▬▬ ▬▬▬▬▬▬ ▬▬ ▬▬▬ ▬▬▬▬▬ ▬▬▬▬ ▬▬ ▬▬▬▬▬▬ ▬▬▬▬ ▬▬▬ ▬▬▬▬ ▬▬▬▬ ▬▬ ▬▬▬▬▬ ▬▬▬ ▬▬▬▬▬▬
Amtliche Kriegsberichte der Gegner.
(Zusammengestellt von der „Frankfurter Zeitung“.)
▬▬▬▬ ▬▬ ▬▬▬▬▬ ▬▬▬ ▬▬▬▬▬▬ ▬▬ ▬▬▬ ▬▬▬▬ ▬▬▬▬▬ ▬▬ ▬▬▬▬▬▬ ▬▬▬ ▬▬▬▬ ▬▬▬▬▬▬ ▬▬ ▬▬▬ ▬▬▬▬▬ ▬▬▬▬ ▬▬ ▬▬▬▬▬▬ ▬▬▬▬ ▬▬▬ ▬▬▬▬ ▬▬▬▬ ▬▬ ▬▬▬▬▬ ▬▬▬ ▬▬▬▬▬▬ ▬▬▬▬ ▬▬ ▬▬▬▬▬ ▬▬▬ ▬▬▬▬▬▬ ▬▬ ▬▬▬ ▬▬▬▬ ▬▬▬▬▬ ▬▬ ▬▬▬▬▬▬ ▬▬▬ ▬▬▬▬ ▬▬▬▬▬▬ ▬▬ ▬▬▬ ▬▬▬▬▬ ▬▬▬▬ ▬▬ ▬▬▬▬▬▬ ▬▬▬▬ ▬▬▬ ▬▬▬▬ ▬▬▬▬ ▬▬ ▬▬▬▬▬ ▬▬▬ ▬▬▬▬▬▬ ▬▬▬▬ ▬▬ ▬▬▬▬▬ ▬▬▬ ▬▬▬▬▬▬ ▬▬ ▬▬▬ ▬▬▬▬ ▬▬▬▬▬ ▬▬ ▬▬▬▬▬▬ ▬▬▬ ▬▬▬▬ ▬▬▬▬▬▬ ▬▬ ▬▬▬ ▬▬▬▬▬ ▬▬▬▬ ▬▬ ▬▬▬▬▬▬ ▬▬▬▬ ▬▬▬ ▬▬▬▬ ▬▬▬▬ ▬▬ ▬▬▬▬▬ ▬▬▬ ▬▬▬▬▬▬ ▬▬▬▬ ▬▬ ▬▬▬▬▬ ▬▬▬ ▬▬▬▬▬▬ ▬▬ ▬▬▬ ▬▬▬▬ ▬▬▬▬▬ ▬▬ ▬▬▬▬▬▬ ▬▬▬ ▬▬▬▬ ▬▬▬▬▬▬ ▬▬ ▬▬▬ ▬▬▬▬▬ ▬▬▬▬ ▬▬ ▬▬▬▬▬▬ ▬▬▬▬ ▬▬▬ ▬▬▬▬ ▬▬▬▬ ▬▬ ▬▬▬▬▬ ▬▬▬ ▬▬▬▬▬▬ ▬▬▬▬ ▬▬ ▬▬▬▬▬ ▬▬▬ ▬▬▬▬▬▬ ▬▬ ▬▬▬ ▬▬▬▬ ▬▬▬▬▬ ▬▬ ▬▬▬▬▬▬ ▬▬▬ ▬▬▬▬ ▬▬▬▬▬▬ ▬▬ ▬▬▬ ▬▬▬▬▬ ▬▬▬▬ ▬▬ ▬▬▬▬▬▬ ▬▬▬▬ ▬▬▬ ▬▬▬▬ ▬▬▬▬ ▬▬ ▬▬▬▬▬ ▬▬▬ ▬▬▬▬▬▬
Anfragen im Reichstag.
▬▬▬▬ ▬▬ ▬▬▬▬▬ ▬▬▬ ▬▬▬▬▬▬ ▬▬ ▬▬▬ ▬▬▬▬ ▬▬▬▬▬ ▬▬ ▬▬▬▬▬▬ ▬▬▬ ▬▬▬▬ ▬▬▬▬▬▬ ▬▬ ▬▬▬ ▬▬▬▬▬ ▬▬▬▬ ▬▬ ▬▬▬▬▬▬ ▬▬▬▬ ▬▬▬ ▬▬▬▬ ▬▬▬▬ ▬▬ ▬▬▬▬▬ ▬▬▬ ▬▬▬▬▬▬ ▬▬▬▬ ▬▬ ▬▬▬▬▬ ▬▬▬ ▬▬▬▬▬▬ ▬▬ ▬▬▬ ▬▬▬▬ ▬▬▬▬▬ ▬▬ ▬▬▬▬▬▬ ▬▬▬ ▬▬▬▬ ▬▬▬▬▬▬ ▬▬ ▬▬▬ ▬▬▬▬▬ ▬▬▬▬ ▬▬ ▬▬▬▬▬▬ ▬▬▬▬ ▬▬▬ ▬▬▬▬ ▬▬▬▬ ▬▬ ▬▬▬▬▬ ▬▬▬ ▬▬▬▬▬▬ ▬▬▬▬ ▬▬ ▬▬▬▬▬ ▬▬▬ ▬▬▬▬▬▬ ▬▬ ▬▬▬ ▬▬▬▬ ▬▬▬▬▬ ▬▬ ▬▬▬▬▬▬ ▬▬▬ ▬▬▬▬ ▬▬▬▬▬▬ ▬▬ ▬▬▬ ▬▬▬▬▬ ▬▬▬▬ ▬▬ ▬▬▬▬▬▬ ▬▬▬▬ ▬▬▬ ▬▬▬▬ ▬▬▬▬ ▬▬ ▬▬▬▬▬ ▬▬▬ ▬▬▬▬▬▬ ▬▬▬▬ ▬▬ ▬▬▬▬▬ ▬▬▬ ▬▬▬▬▬▬ ▬▬ ▬▬▬ ▬▬▬▬ ▬▬▬▬▬ ▬▬ ▬▬▬▬▬▬ ▬▬▬ ▬▬▬▬ ▬▬▬▬▬▬ ▬▬ ▬▬▬ ▬▬▬▬▬ ▬▬▬▬ ▬▬ ▬▬▬▬▬▬ ▬▬▬▬ ▬▬▬ ▬▬▬▬ ▬▬▬▬ ▬▬ ▬▬▬▬▬ ▬▬▬ ▬▬▬▬▬▬ ▬▬▬▬ ▬▬ ▬▬▬▬▬ ▬▬▬ ▬▬▬▬▬▬ ▬▬ ▬▬▬ ▬▬▬▬ ▬▬▬▬▬ ▬▬ ▬▬▬▬▬▬ ▬▬▬ ▬▬▬▬ ▬▬▬▬▬▬ ▬▬ ▬▬▬ ▬▬▬▬▬ ▬▬▬▬ ▬▬ ▬▬▬▬▬▬ ▬▬▬▬ ▬▬▬ ▬▬▬▬ ▬▬▬▬ ▬▬ ▬▬▬▬▬ ▬▬▬ ▬▬▬▬▬▬ ▬▬▬▬ ▬▬ ▬▬▬▬▬ ▬▬▬ ▬▬▬▬▬▬ ▬▬ ▬▬▬ ▬▬▬▬ ▬▬▬▬▬ ▬▬ ▬▬▬▬▬▬ ▬▬▬ ▬▬▬▬ ▬▬▬▬▬▬ ▬▬ ▬▬▬ ▬▬▬▬▬ ▬▬▬▬ ▬▬ ▬▬▬▬▬▬ ▬▬▬▬ ▬▬▬ ▬▬▬▬ ▬▬▬▬ ▬▬ ▬▬▬▬▬ ▬▬▬ ▬▬▬▬▬▬ ▬▬▬▬ ▬▬ ▬▬▬▬▬ ▬▬▬ ▬▬▬▬▬▬ ▬▬ ▬▬▬ ▬▬▬▬ ▬▬▬▬▬ ▬▬ ▬▬▬▬▬▬ ▬▬▬ ▬▬▬▬ ▬▬▬▬▬▬ ▬▬ ▬▬▬ ▬▬▬▬▬ ▬▬▬▬ ▬▬ ▬▬▬▬▬▬ ▬▬▬▬ ▬▬▬ ▬▬▬▬ ▬▬▬▬ ▬▬ ▬▬▬▬▬ ▬▬▬ ▬▬▬▬▬▬
▬▬▬▬ ▬▬ ▬▬▬▬▬ ▬▬▬ ▬▬▬▬▬▬ ▬▬ ▬▬▬ ▬▬▬▬ ▬▬▬▬▬ ▬▬ ▬▬▬▬▬▬ ▬▬▬ ▬▬▬▬ ▬▬▬▬▬▬ ▬▬ ▬▬▬ ▬▬▬▬▬ ▬▬▬▬ ▬▬ ▬▬▬▬▬▬ ▬▬▬▬ ▬▬▬ ▬▬▬▬ ▬▬▬▬ ▬▬ ▬▬▬▬▬ ▬▬▬ ▬▬▬▬▬▬ ▬▬▬▬ ▬▬ ▬▬▬▬▬ ▬▬▬ ▬▬▬▬▬▬ ▬▬ ▬▬▬ ▬▬▬▬ ▬▬▬▬▬ ▬▬ ▬▬▬▬▬▬ ▬▬▬ ▬▬▬▬ ▬▬▬▬▬▬ ▬▬ ▬▬▬ ▬▬▬▬▬ ▬▬▬▬ ▬▬ ▬▬▬▬▬▬ ▬▬▬▬ ▬▬▬ ▬▬▬▬ ▬▬▬▬ ▬▬ ▬▬▬▬▬ ▬▬▬ ▬▬▬▬▬▬ ▬▬▬▬ ▬▬ ▬▬▬▬▬ ▬▬▬ ▬▬▬▬▬▬ ▬▬ ▬▬▬ ▬▬▬▬ ▬▬▬▬▬ ▬▬ ▬▬▬▬▬▬ ▬▬▬ ▬▬▬▬ ▬▬▬▬▬▬ ▬▬ ▬▬▬ ▬▬▬▬▬ ▬▬▬▬ ▬▬ ▬▬▬▬▬▬ ▬▬▬▬ ▬▬▬ ▬▬▬▬ ▬▬▬▬ ▬▬ ▬▬▬▬▬ ▬▬▬ ▬▬▬▬▬▬ ▬▬▬▬ ▬▬ ▬▬▬▬▬ ▬▬▬ ▬▬▬▬▬▬ ▬▬ ▬▬▬ ▬▬▬▬ ▬▬▬▬▬ ▬▬ ▬▬▬▬▬▬ ▬▬▬ ▬▬▬▬ ▬▬▬▬▬▬ ▬▬ ▬▬▬ ▬▬▬▬▬ ▬▬▬▬ ▬▬ ▬▬▬▬▬▬ ▬▬▬▬ ▬▬▬ ▬▬▬▬ ▬▬▬▬ ▬▬ ▬▬▬▬▬ ▬▬▬ ▬▬▬▬▬▬
Neuordnung in Hamburg.
▬▬▬▬ ▬▬ ▬▬▬▬▬ ▬▬▬ ▬▬▬▬▬▬ ▬▬ ▬▬▬ ▬▬▬▬ ▬▬▬▬▬ ▬▬ ▬▬▬▬▬▬ ▬▬▬ ▬▬▬▬ ▬▬▬▬▬▬ ▬▬ ▬▬▬ ▬▬▬▬▬ ▬▬▬▬ ▬▬ ▬▬▬▬▬▬ ▬▬▬▬ ▬▬▬ ▬▬▬▬ ▬▬▬▬ ▬▬ ▬▬▬▬▬ ▬▬▬ ▬▬▬▬▬▬ ▬▬▬▬ ▬▬ ▬▬▬▬▬ ▬▬▬ ▬▬▬▬▬▬ ▬▬ ▬▬▬ ▬▬▬▬ ▬▬▬▬▬ ▬▬ ▬▬▬▬▬▬ ▬▬▬ ▬▬▬▬ ▬▬▬▬▬▬ ▬▬ ▬▬▬ ▬▬▬▬▬ ▬▬▬▬ ▬▬ ▬▬▬▬▬▬ ▬▬▬▬ ▬▬▬ ▬▬▬▬ ▬▬▬▬ ▬▬ ▬▬▬▬▬ ▬▬▬ ▬▬▬▬▬▬ ▬▬▬▬ ▬▬ ▬▬▬▬▬ ▬▬▬ ▬▬▬▬▬▬ ▬▬ ▬▬▬ ▬▬▬▬ ▬▬▬▬▬ ▬▬ ▬▬▬▬▬▬ ▬▬▬ ▬▬▬▬ ▬▬▬▬▬▬ ▬▬ ▬▬▬ ▬▬▬▬▬ ▬▬▬▬ ▬▬ ▬▬▬▬▬▬ ▬▬▬▬ ▬▬▬ ▬▬▬▬ ▬▬▬▬ ▬▬ ▬▬▬▬▬ ▬▬▬ ▬▬▬▬▬▬ ▬▬▬▬ ▬▬ ▬▬▬▬▬ ▬▬▬ ▬▬▬▬▬▬ ▬▬ ▬▬▬ ▬▬▬▬ ▬▬▬▬▬ ▬▬ ▬▬▬▬▬▬ ▬▬▬ ▬▬▬▬ ▬▬▬▬▬▬ ▬▬ ▬▬▬ ▬▬▬▬▬ ▬▬▬▬ ▬▬ ▬▬▬▬▬▬ ▬▬▬▬ ▬▬▬ ▬▬▬▬ ▬▬▬▬ ▬▬ ▬▬▬▬▬ ▬▬▬ ▬▬▬▬▬▬
Der württembergische Postetat.
▬▬▬▬ ▬▬ ▬▬▬▬▬ ▬▬▬ ▬▬▬▬▬▬ ▬▬ ▬▬▬ ▬▬▬▬ ▬▬▬▬▬ ▬▬ ▬▬▬▬▬▬ ▬▬▬ ▬▬▬▬ ▬▬▬▬▬▬ ▬▬ ▬▬▬ ▬▬▬▬▬ ▬▬▬▬ ▬▬ ▬▬▬▬▬▬ ▬▬▬▬ ▬▬▬ ▬▬▬▬ ▬▬▬▬ ▬▬ ▬▬▬▬▬ ▬▬▬ ▬▬▬▬▬▬ ▬▬▬▬ ▬▬ ▬▬▬▬▬ ▬▬▬ ▬▬▬▬▬▬ ▬▬ ▬▬▬ ▬▬▬▬ ▬▬▬▬▬ ▬▬ ▬▬▬▬▬▬ ▬▬▬ ▬▬▬▬ ▬▬▬▬▬▬ ▬▬ ▬▬▬ ▬▬▬▬▬ ▬▬▬▬ ▬▬ ▬▬▬▬▬▬ ▬▬▬▬ ▬▬▬ ▬▬▬▬ ▬▬▬▬ ▬▬ ▬▬▬▬▬ ▬▬▬ ▬▬▬▬▬▬ ▬▬▬▬ ▬▬ ▬▬▬▬▬ ▬▬▬ ▬▬▬▬▬▬ ▬▬ ▬▬▬ ▬▬▬▬ ▬▬▬▬▬ ▬▬ ▬▬▬▬▬▬ ▬▬▬ ▬▬▬▬ ▬▬▬▬▬▬ ▬▬ ▬▬▬ ▬▬▬▬▬ ▬▬▬▬ ▬▬ ▬▬▬▬▬▬ ▬▬▬▬ ▬▬▬ ▬▬▬▬ ▬▬▬▬ ▬▬ ▬▬▬▬▬ ▬▬▬ ▬▬▬▬▬▬ ▬▬▬▬ ▬▬ ▬▬▬▬▬ ▬▬▬ ▬▬▬▬▬▬ ▬▬ ▬▬▬ ▬▬▬▬ ▬▬▬▬▬ ▬▬ ▬▬▬▬▬▬ ▬▬▬ ▬▬▬▬ ▬▬▬▬▬▬ ▬▬ ▬▬▬ ▬▬▬▬▬ ▬▬▬▬ ▬▬ ▬▬▬▬▬▬ ▬▬▬▬ ▬▬▬ ▬▬▬▬ ▬▬▬▬ ▬▬ ▬▬▬▬▬ ▬▬▬ ▬▬▬▬▬▬ ▬▬▬▬ ▬▬ ▬▬▬▬▬ ▬▬▬ ▬▬▬▬▬▬ ▬▬ ▬▬▬ ▬▬▬▬ ▬▬▬▬▬ ▬▬ ▬▬▬▬▬▬ ▬▬▬ ▬▬▬▬ ▬▬▬▬▬▬ ▬▬ ▬▬▬ ▬▬▬▬▬ ▬▬▬▬ ▬▬ ▬▬▬▬▬▬ ▬▬▬▬ ▬▬▬ ▬▬▬▬ ▬▬▬▬ ▬▬ ▬▬▬▬▬ ▬▬▬ ▬▬▬▬▬▬ ▬▬▬▬ ▬▬ ▬▬▬▬▬ ▬▬▬ ▬▬▬▬▬▬ ▬▬ ▬▬▬ ▬▬▬▬ ▬▬▬▬▬ ▬▬ ▬▬▬▬▬▬ ▬▬▬ ▬▬▬▬ ▬▬▬▬▬▬ ▬▬ ▬▬▬ ▬▬▬▬▬ ▬▬▬▬ ▬▬ ▬▬▬▬▬▬ ▬▬▬▬ ▬▬▬ ▬▬▬▬ ▬▬▬▬ ▬▬ ▬▬▬▬▬ ▬▬▬ ▬▬▬▬▬▬
